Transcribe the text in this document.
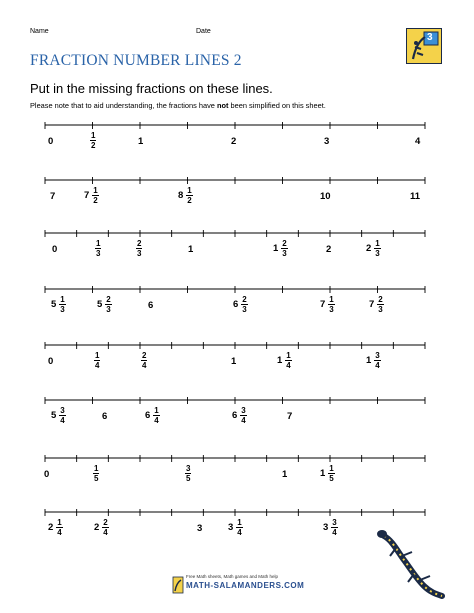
Name	Date
3
FRACTION NUMBER LINES 2
Put in the missing fractions on these lines.
Please note that to aid understanding, the fractions have not been simplified on this sheet.
0	$\frac{1}{2}$	1	2	3	4
7	$7 \frac{1}{2}$	$8 \frac{1}{2}$	10	11
0	$\frac{1}{3}$	$\frac{2}{3}$	1	$1 \frac{2}{3}$	2	$2 \frac{1}{3}$
$5 \frac{1}{3}$	$5 \frac{2}{3}$	6	$6 \frac{2}{3}$	$7 \frac{1}{3}$	$7 \frac{2}{3}$
0	$\frac{1}{4}$	$\frac{2}{4}$	1	$1 \frac{1}{4}$	$1 \frac{3}{4}$
$5 \frac{3}{4}$	6	$6 \frac{1}{4}$	$6 \frac{3}{4}$	7
0	$\frac{1}{5}$	$\frac{3}{5}$	1	$1 \frac{1}{5}$
$2 \frac{1}{4}$	$2 \frac{2}{4}$	3	$3 \frac{1}{4}$	$3 \frac{3}{4}$
Free Math sheets, Math games and Math help
MATH-SALAMANDERS.COM
